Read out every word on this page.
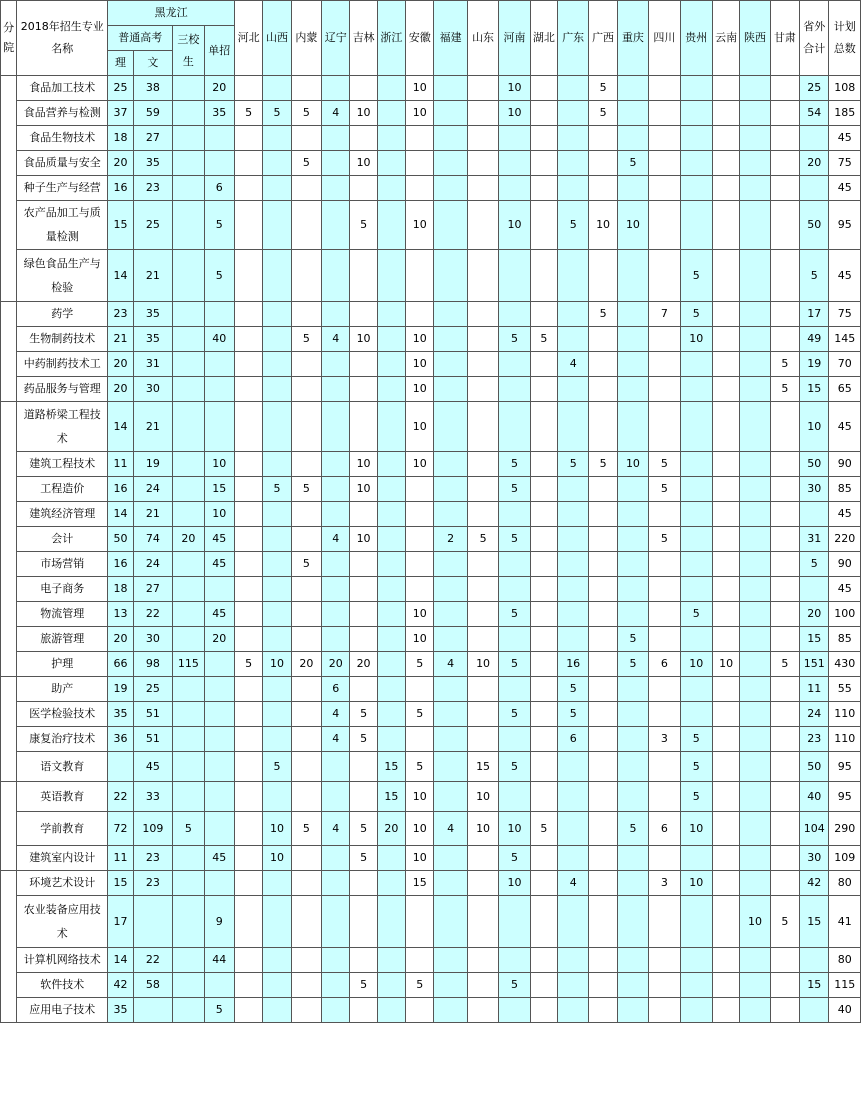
分院	2018年招生专业名称	黑龙江				河北	山西	内蒙	辽宁	吉林	浙江	安徽	福建	山东	河南	湖北	广东	广西	重庆	四川	贵州	云南	陕西	甘肃	省外合计	计划总数
		普通高考		三校生	单招																					
		理	文																							
	食品加工技术	25	38		20							10			10			5							25	108
	食品营养与检测	37	59		35	5	5	5	4	10		10			10			5							54	185
	食品生物技术	18	27																							45
	食品质量与安全	20	35					5		10									5						20	75
	种子生产与经营	16	23		6																					45
	农产品加工与质量检测	15	25		5					5		10			10		5	10	10						50	95
	绿色食品生产与检验	14	21		5																5				5	45
	药学	23	35															5		7	5				17	75
	生物制药技术	21	35		40			5	4	10		10			5	5					10				49	145
	中药制药技术工	20	31									10					4							5	19	70
	药品服务与管理	20	30									10												5	15	65
	道路桥梁工程技术	14	21									10													10	45
	建筑工程技术	11	19		10					10		10			5		5	5	10	5					50	90
	工程造价	16	24		15		5	5		10					5					5					30	85
	建筑经济管理	14	21		10																					45
	会计	50	74	20	45				4	10			2	5	5					5					31	220
	市场营销	16	24		45			5																	5	90
	电子商务	18	27																							45
	物流管理	13	22		45							10			5						5				20	100
	旅游管理	20	30		20							10							5						15	85
	护理	66	98	115		5	10	20	20	20		5	4	10	5		16		5	6	10	10		5	151	430
	助产	19	25						6								5								11	55
	医学检验技术	35	51						4	5		5			5		5								24	110
	康复治疗技术	36	51						4	5							6			3	5				23	110
	语文教育		45				5				15	5		15	5						5				50	95
	英语教育	22	33								15	10		10							5				40	95
	学前教育	72	109	5			10	5	4	5	20	10	4	10	10	5			5	6	10				104	290
	建筑室内设计	11	23		45		10			5		10			5										30	109
	环境艺术设计	15	23									15			10		4			3	10				42	80
	农业装备应用技术	17			9																		10	5	15	41
	计算机网络技术	14	22		44																					80
	软件技术	42	58							5		5			5										15	115
	应用电子技术	35			5																					40
